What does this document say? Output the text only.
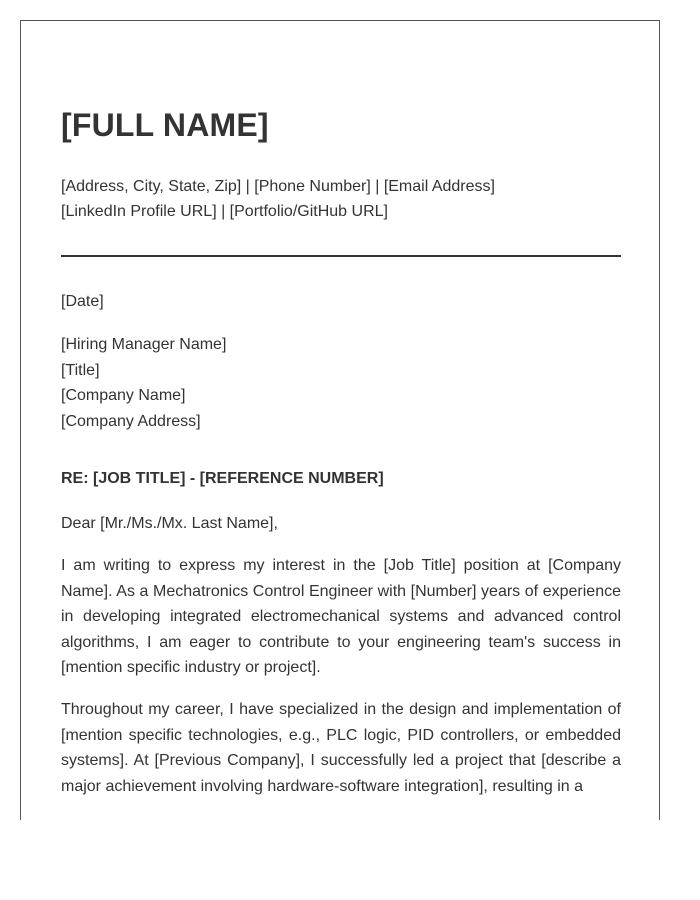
[FULL NAME]
[Address, City, State, Zip] | [Phone Number] | [Email Address]
[LinkedIn Profile URL] | [Portfolio/GitHub URL]
[Date]
[Hiring Manager Name]
[Title]
[Company Name]
[Company Address]
RE: [JOB TITLE] - [REFERENCE NUMBER]
Dear [Mr./Ms./Mx. Last Name],

I am writing to express my interest in the [Job Title] position at [Company Name]. As a Mechatronics Control Engineer with [Number] years of experience in developing integrated electromechanical systems and advanced control algorithms, I am eager to contribute to your engineering team's success in [mention specific industry or project].

Throughout my career, I have specialized in the design and implementation of [mention specific technologies, e.g., PLC logic, PID controllers, or embedded systems]. At [Previous Company], I successfully led a project that [describe a major achievement involving hardware-software integration], resulting in a
